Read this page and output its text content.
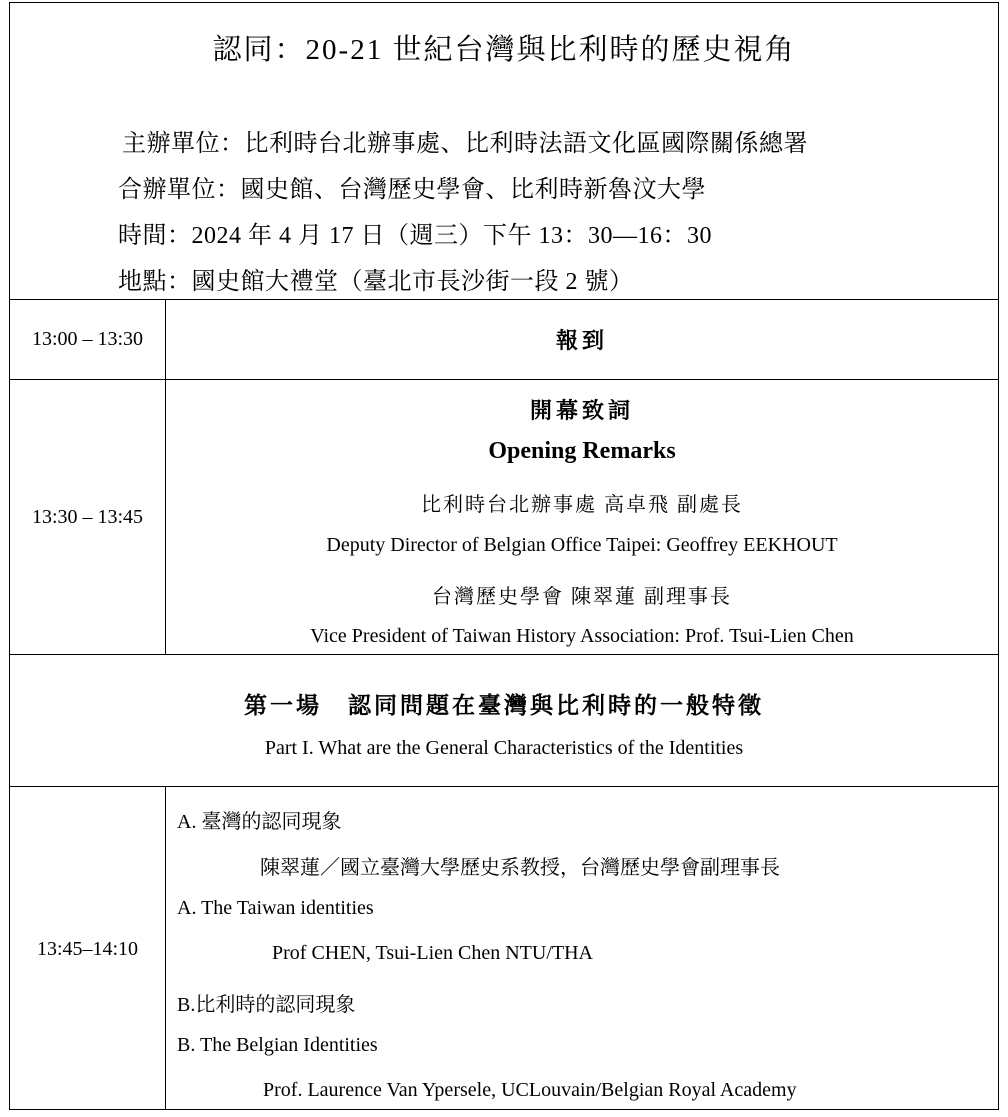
認同：20-21 世紀台灣與比利時的歷史視角
主辦單位：比利時台北辦事處、比利時法語文化區國際關係總署
合辦單位：國史館、台灣歷史學會、比利時新魯汶大學
時間：2024 年 4 月 17 日（週三）下午 13：30—16：30
地點：國史館大禮堂（臺北市長沙街一段 2 號）
13:00 – 13:30	報到
13:30 – 13:45
開幕致詞
Opening Remarks
比利時台北辦事處 高卓飛 副處長
Deputy Director of Belgian Office Taipei: Geoffrey EEKHOUT
台灣歷史學會 陳翠蓮 副理事長
Vice President of Taiwan History Association: Prof. Tsui-Lien Chen
第一場 認同問題在臺灣與比利時的一般特徵
Part I. What are the General Characteristics of the Identities
13:45–14:10
A. 臺灣的認同現象
陳翠蓮／國立臺灣大學歷史系教授，台灣歷史學會副理事長
A. The Taiwan identities
Prof CHEN, Tsui-Lien Chen NTU/THA
B.比利時的認同現象
B. The Belgian Identities
Prof. Laurence Van Ypersele, UCLouvain/Belgian Royal Academy
